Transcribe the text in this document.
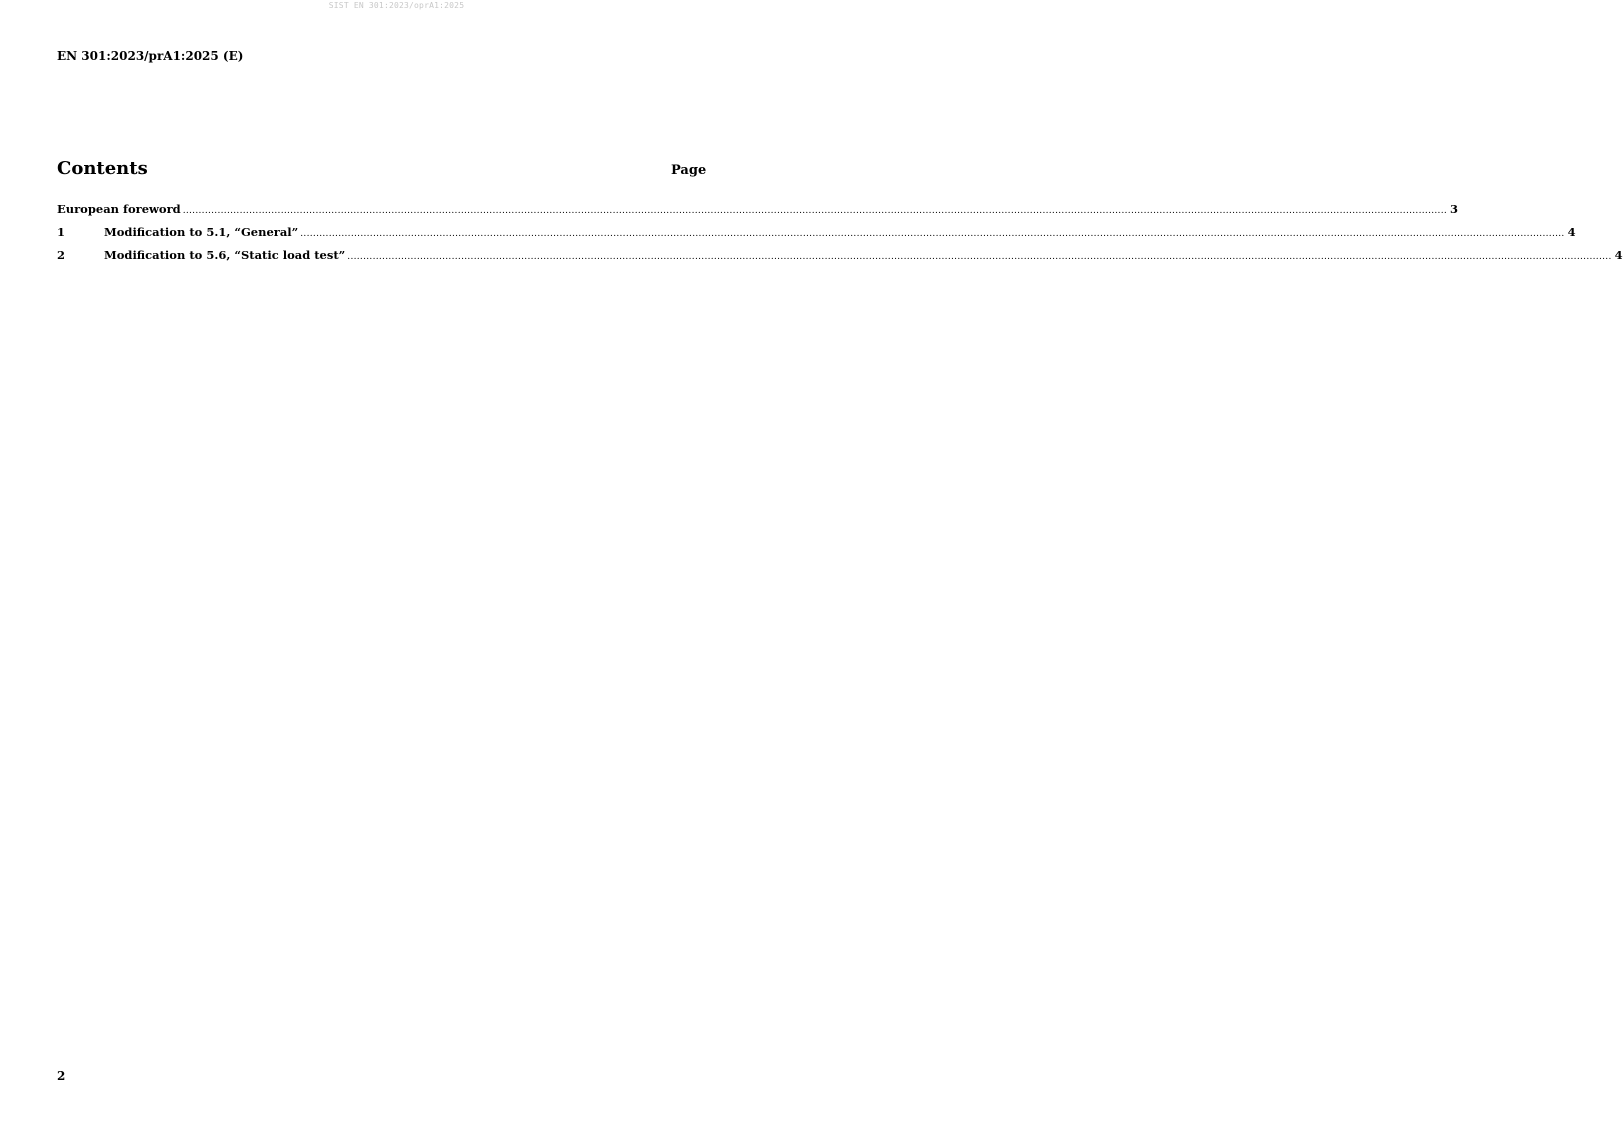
SIST EN 301:2023/oprA1:2025
EN 301:2023/prA1:2025 (E)
Contents	Page
European foreword ................................................................................................................................................................................................................................................................................................................................................................................................................ 3
1	Modification to 5.1, “General” ................................................................................................................................................................................................................................................................................................................................................................................................................ 4
2	Modification to 5.6, “Static load test” ................................................................................................................................................................................................................................................................................................................................................................................................................ 4
2
